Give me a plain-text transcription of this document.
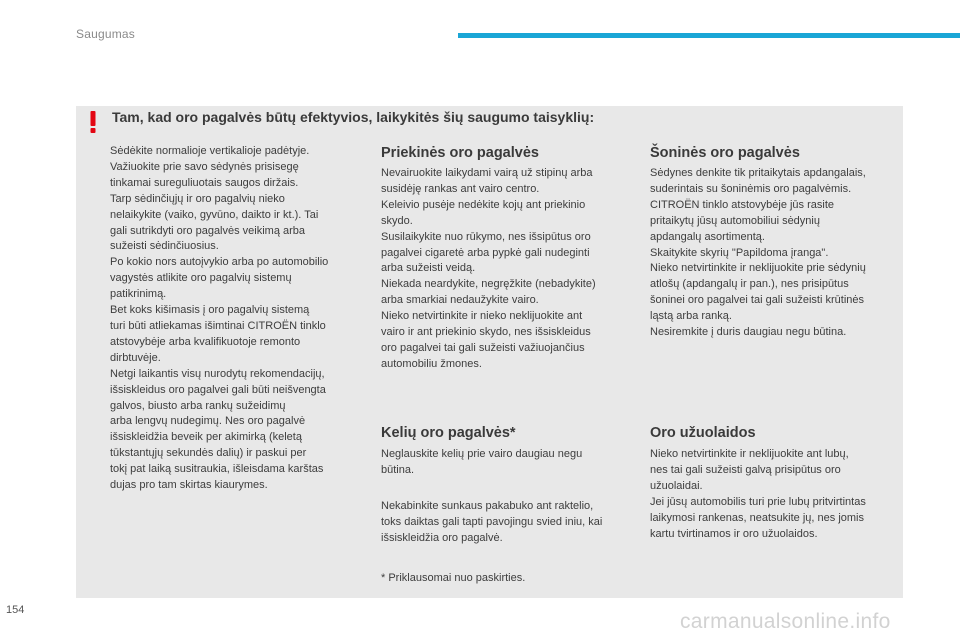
Saugumas
Tam, kad oro pagalvės būtų efektyvios, laikykitės šių saugumo taisyklių:

Sėdėkite normalioje vertikalioje padėtyje.
Važiuokite prie savo sėdynės prisisegę
tinkamai sureguliuotais saugos diržais.
Tarp sėdinčiųjų ir oro pagalvių nieko
nelaikykite (vaiko, gyvūno, daikto ir kt.). Tai
gali sutrikdyti oro pagalvės veikimą arba
sužeisti sėdinčiuosius.
Po kokio nors autoįvykio arba po automobilio
vagystės atlikite oro pagalvių sistemų
patikrinimą.
Bet koks kišimasis į oro pagalvių sistemą
turi būti atliekamas išimtinai CITROËN tinklo
atstovybėje arba kvalifikuotoje remonto
dirbtuvėje.
Netgi laikantis visų nurodytų rekomendacijų,
išsiskleidus oro pagalvei gali būti neišvengta
galvos, biusto arba rankų sužeidimų
arba lengvų nudegimų. Nes oro pagalvė
išsiskleidžia beveik per akimirką (keletą
tūkstantųjų sekundės dalių) ir paskui per
tokį pat laiką susitraukia, išleisdama karštas
dujas pro tam skirtas kiaurymes.

Priekinės oro pagalvės

Nevairuokite laikydami vairą už stipinų arba
susidėję rankas ant vairo centro.
Keleivio pusėje nedėkite kojų ant priekinio
skydo.
Susilaikykite nuo rūkymo, nes išsipūtus oro
pagalvei cigaretė arba pypkė gali nudeginti
arba sužeisti veidą.
Niekada neardykite, negręžkite (nebadykite)
arba smarkiai nedaužykite vairo.
Nieko netvirtinkite ir nieko neklijuokite ant
vairo ir ant priekinio skydo, nes išsiskleidus
oro pagalvei tai gali sužeisti važiuojančius
automobiliu žmones.

Šoninės oro pagalvės

Sėdynes denkite tik pritaikytais apdangalais,
suderintais su šoninėmis oro pagalvėmis.
CITROËN tinklo atstovybėje jūs rasite
pritaikytų jūsų automobiliui sėdynių
apdangalų asortimentą.
Skaitykite skyrių "Papildoma įranga".
Nieko netvirtinkite ir neklijuokite prie sėdynių
atlošų (apdangalų ir pan.), nes prisipūtus
šoninei oro pagalvei tai gali sužeisti krūtinės
ląstą arba ranką.
Nesiremkite į duris daugiau negu būtina.

Kelių oro pagalvės*

Neglauskite kelių prie vairo daugiau negu
būtina.

Nekabinkite sunkaus pakabuko ant raktelio,
toks daiktas gali tapti pavojingu svied iniu, kai
išsiskleidžia oro pagalvė.

Oro užuolaidos

Nieko netvirtinkite ir neklijuokite ant lubų,
nes tai gali sužeisti galvą prisipūtus oro
užuolaidai.
Jei jūsų automobilis turi prie lubų pritvirtintas
laikymosi rankenas, neatsukite jų, nes jomis
kartu tvirtinamos ir oro užuolaidos.

* Priklausomai nuo paskirties.
154	carmanualsonline.info
